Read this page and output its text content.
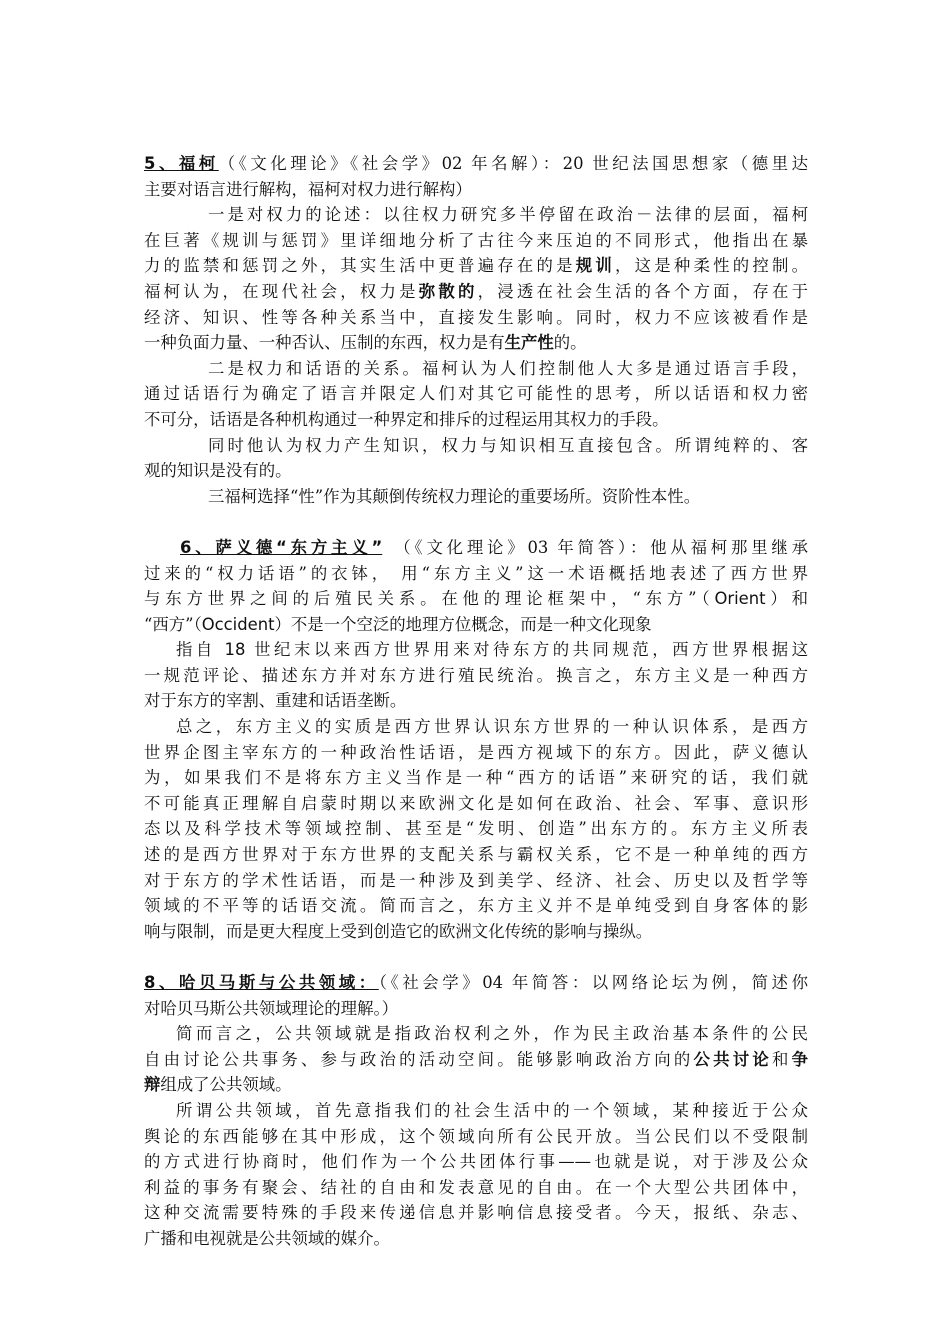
5、福柯（《文化理论》《社会学》02 年名解）：20 世纪法国思想家（德里达
主要对语言进行解构，福柯对权力进行解构）
一是对权力的论述：以往权力研究多半停留在政治－法律的层面，福柯
在巨著《规训与惩罚》里详细地分析了古往今来压迫的不同形式，他指出在暴
力的监禁和惩罚之外，其实生活中更普遍存在的是规训，这是种柔性的控制。
福柯认为，在现代社会，权力是弥散的，浸透在社会生活的各个方面，存在于
经济、知识、性等各种关系当中，直接发生影响。同时，权力不应该被看作是
一种负面力量、一种否认、压制的东西，权力是有生产性的。
二是权力和话语的关系。福柯认为人们控制他人大多是通过语言手段，
通过话语行为确定了语言并限定人们对其它可能性的思考，所以话语和权力密
不可分，话语是各种机构通过一种界定和排斥的过程运用其权力的手段。
同时他认为权力产生知识，权力与知识相互直接包含。所谓纯粹的、客
观的知识是没有的。
三福柯选择“性”作为其颠倒传统权力理论的重要场所。资阶性本性。
6、萨义德“东方主义”  （《文化理论》03 年简答）：他从福柯那里继承
过来的“权力话语”的衣钵， 用“东方主义”这一术语概括地表述了西方世界
与东方世界之间的后殖民关系。在他的理论框架中，“东方”（Orient）和
“西方”（Occident）不是一个空泛的地理方位概念，而是一种文化现象
指自 18 世纪末以来西方世界用来对待东方的共同规范，西方世界根据这
一规范评论、描述东方并对东方进行殖民统治。换言之，东方主义是一种西方
对于东方的宰割、重建和话语垄断。
总之，东方主义的实质是西方世界认识东方世界的一种认识体系，是西方
世界企图主宰东方的一种政治性话语，是西方视域下的东方。因此，萨义德认
为，如果我们不是将东方主义当作是一种“西方的话语”来研究的话，我们就
不可能真正理解自启蒙时期以来欧洲文化是如何在政治、社会、军事、意识形
态以及科学技术等领域控制、甚至是“发明、创造”出东方的。东方主义所表
述的是西方世界对于东方世界的支配关系与霸权关系，它不是一种单纯的西方
对于东方的学术性话语，而是一种涉及到美学、经济、社会、历史以及哲学等
领域的不平等的话语交流。简而言之，东方主义并不是单纯受到自身客体的影
响与限制，而是更大程度上受到创造它的欧洲文化传统的影响与操纵。
8、哈贝马斯与公共领域：（《社会学》04 年简答：以网络论坛为例，简述你
对哈贝马斯公共领域理论的理解。）
简而言之，公共领域就是指政治权利之外，作为民主政治基本条件的公民
自由讨论公共事务、参与政治的活动空间。能够影响政治方向的公共讨论和争
辩组成了公共领域。
所谓公共领域，首先意指我们的社会生活中的一个领域，某种接近于公众
舆论的东西能够在其中形成，这个领域向所有公民开放。当公民们以不受限制
的方式进行协商时，他们作为一个公共团体行事——也就是说，对于涉及公众
利益的事务有聚会、结社的自由和发表意见的自由。在一个大型公共团体中，
这种交流需要特殊的手段来传递信息并影响信息接受者。今天，报纸、杂志、
广播和电视就是公共领域的媒介。
